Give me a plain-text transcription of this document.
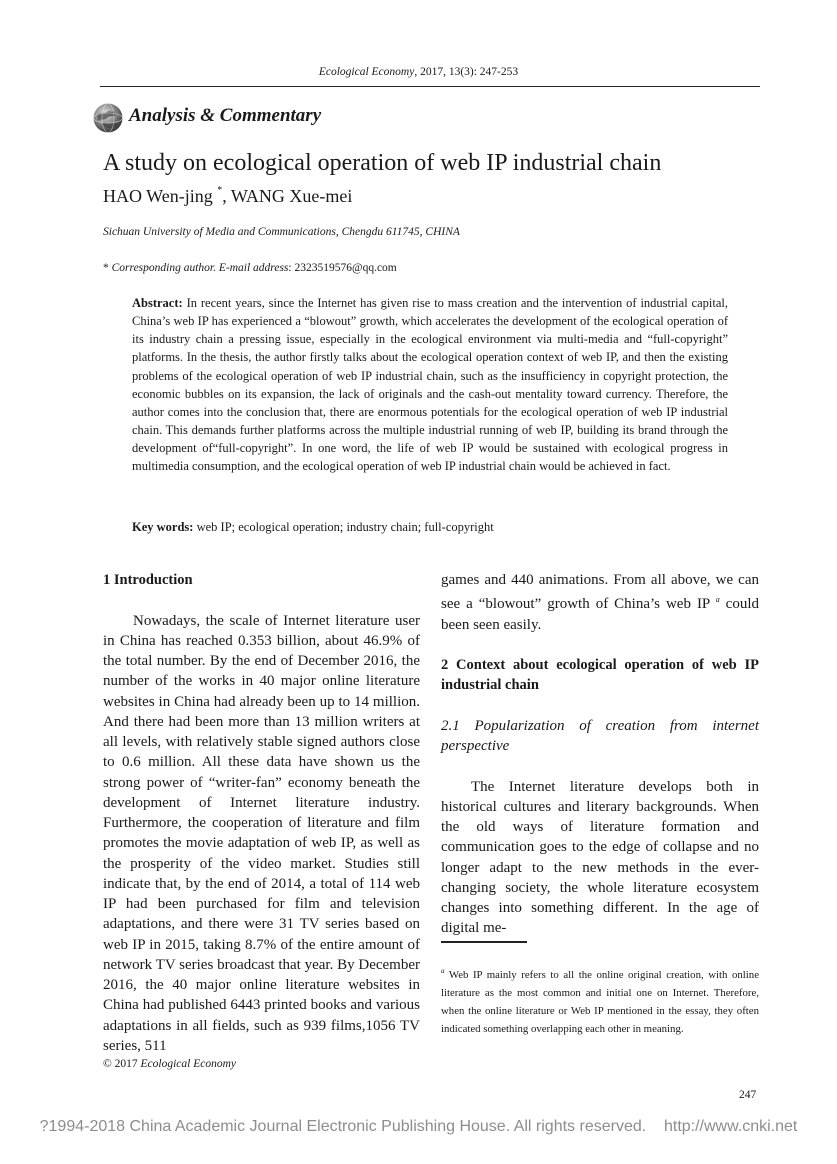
Ecological Economy, 2017, 13(3): 247-253
Analysis & Commentary
A study on ecological operation of web IP industrial chain
HAO Wen-jing *, WANG Xue-mei
Sichuan University of Media and Communications, Chengdu 611745, CHINA
* Corresponding author. E-mail address: 2323519576@qq.com
Abstract: In recent years, since the Internet has given rise to mass creation and the intervention of industrial capital, China’s web IP has experienced a “blowout” growth, which accelerates the development of the ecological operation of its industry chain a pressing issue, especially in the ecological environment via multi-media and “full-copyright” platforms. In the thesis, the author firstly talks about the ecological operation context of web IP, and then the existing problems of the ecological operation of web IP industrial chain, such as the insufficiency in copyright protection, the economic bubbles on its expansion, the lack of originals and the cash-out mentality toward currency. Therefore, the author comes into the conclusion that, there are enormous potentials for the ecological operation of web IP industrial chain. This demands further platforms across the multiple industrial running of web IP, building its brand through the development of“full-copyright”. In one word, the life of web IP would be sustained with ecological progress in multimedia consumption, and the ecological operation of web IP industrial chain would be achieved in fact.
Key words: web IP; ecological operation; industry chain; full-copyright
1 Introduction

Nowadays, the scale of Internet literature user in China has reached 0.353 billion, about 46.9% of the total number. By the end of December 2016, the number of the works in 40 major online literature websites in China had already been up to 14 million. And there had been more than 13 million writers at all levels, with relatively stable signed authors close to 0.6 million. All these data have shown us the strong power of “writer-fan” economy beneath the development of Internet literature industry. Furthermore, the cooperation of literature and film promotes the movie adaptation of web IP, as well as the prosperity of the video market. Studies still indicate that, by the end of 2014, a total of 114 web IP had been purchased for film and television adaptations, and there were 31 TV series based on web IP in 2015, taking 8.7% of the entire amount of network TV series broadcast that year. By December 2016, the 40 major online literature websites in China had published 6443 printed books and various adaptations in all fields, such as 939 films,1056 TV series, 511

games and 440 animations. From all above, we can see a “blowout” growth of China’s web IP $^a$ could been seen easily.

2 Context about ecological operation of web IP industrial chain
2.1 Popularization of creation from internet perspective

The Internet literature develops both in historical cultures and literary backgrounds. When the old ways of literature formation and communication goes to the edge of collapse and no longer adapt to the new methods in the ever-changing society, the whole literature ecosystem changes into something different. In the age of digital me-

$^a$ Web IP mainly refers to all the online original creation, with online literature as the most common and initial one on Internet. Therefore, when the online literature or Web IP mentioned in the essay, they often indicated something overlapping each other in meaning.
© 2017 Ecological Economy
247
?1994-2018 China Academic Journal Electronic Publishing House. All rights reserved.    http://www.cnki.net
